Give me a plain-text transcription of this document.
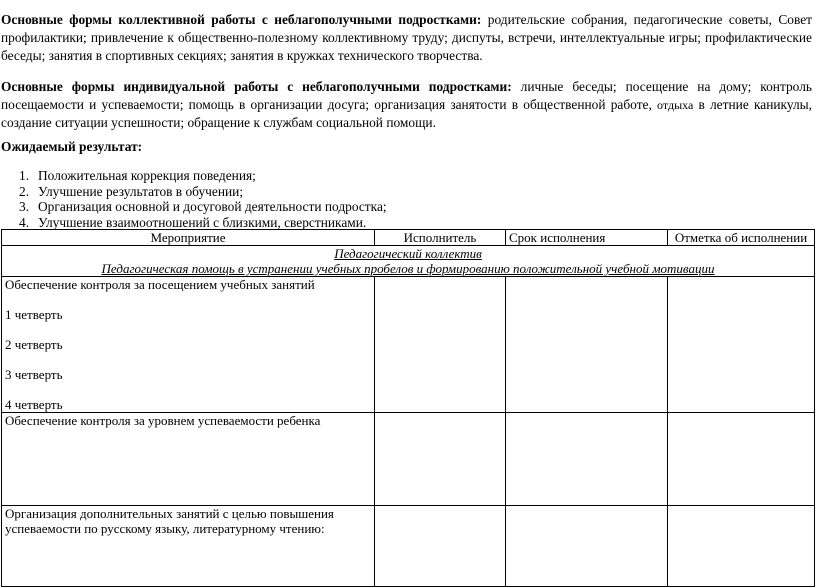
Основные формы коллективной работы с неблагополучными подростками: родительские собрания, педагогические советы, Совет профилактики; привлечение к общественно-полезному коллективному труду; диспуты, встречи, интеллектуальные игры; профилактические беседы; занятия в спортивных секциях; занятия в кружках технического творчества.

Основные формы индивидуальной работы с неблагополучными подростками: личные беседы; посещение на дому; контроль посещаемости и успеваемости; помощь в организации досуга; организация занятости в общественной работе, отдыха в летние каникулы, создание ситуации успешности; обращение к службам социальной помощи.

Ожидаемый результат:

1. Положительная коррекция поведения;
2. Улучшение результатов в обучении;
3. Организация основной и досуговой деятельности подростка;
4. Улучшение взаимоотношений с близкими, сверстниками.
Мероприятие	Исполнитель	Срок исполнения	Отметка об исполнении

Педагогический коллектив
Педагогическая помощь в устранении учебных пробелов и формированию положительной учебной мотивации			

Обеспечение контроля за посещением учебных занятий

1 четверть

2 четверть

3 четверть

4 четверть			

Обеспечение контроля за уровнем успеваемости ребенка			

Организация дополнительных занятий с целью повышения успеваемости по русскому языку, литературному чтению:			
